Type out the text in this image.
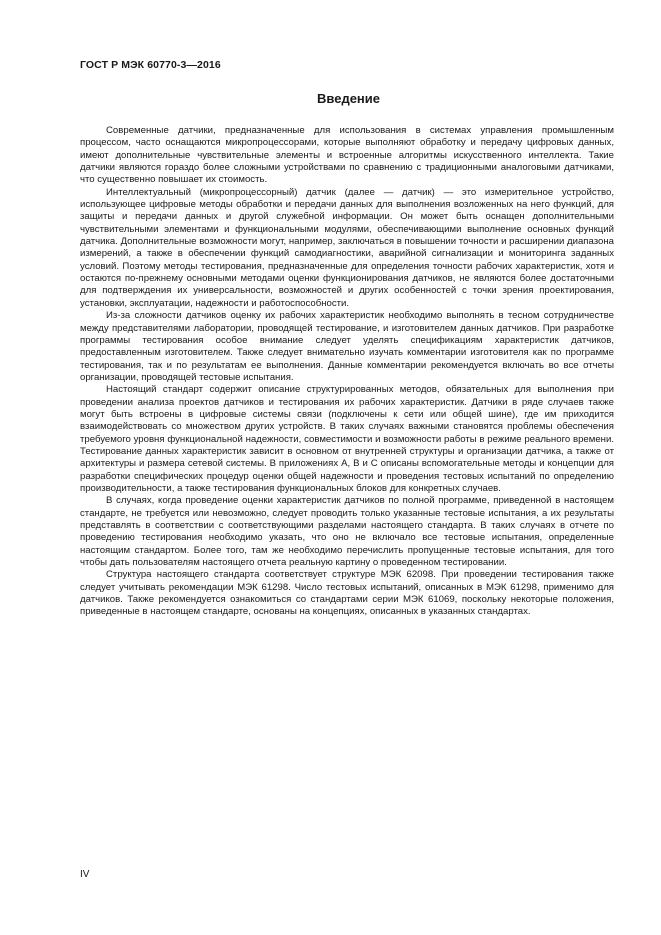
ГОСТ Р МЭК 60770-3—2016
Введение

Современные датчики, предназначенные для использования в системах управления промышленным процессом, часто оснащаются микропроцессорами, которые выполняют обработку и передачу цифровых данных, имеют дополнительные чувствительные элементы и встроенные алгоритмы искусственного интеллекта. Такие датчики являются гораздо более сложными устройствами по сравнению с традиционными аналоговыми датчиками, что существенно повышает их стоимость.

Интеллектуальный (микропроцессорный) датчик (далее — датчик) — это измерительное устройство, использующее цифровые методы обработки и передачи данных для выполнения возложенных на него функций, для защиты и передачи данных и другой служебной информации. Он может быть оснащен дополнительными чувствительными элементами и функциональными модулями, обеспечивающими выполнение основных функций датчика. Дополнительные возможности могут, например, заключаться в повышении точности и расширении диапазона измерений, а также в обеспечении функций самодиагностики, аварийной сигнализации и мониторинга заданных условий. Поэтому методы тестирования, предназначенные для определения точности рабочих характеристик, хотя и остаются по-прежнему основными методами оценки функционирования датчиков, не являются более достаточными для подтверждения их универсальности, возможностей и других особенностей с точки зрения проектирования, установки, эксплуатации, надежности и работоспособности.

Из-за сложности датчиков оценку их рабочих характеристик необходимо выполнять в тесном сотрудничестве между представителями лаборатории, проводящей тестирование, и изготовителем данных датчиков. При разработке программы тестирования особое внимание следует уделять спецификациям характеристик датчиков, предоставленным изготовителем. Также следует внимательно изучать комментарии изготовителя как по программе тестирования, так и по результатам ее выполнения. Данные комментарии рекомендуется включать во все отчеты организации, проводящей тестовые испытания.

Настоящий стандарт содержит описание структурированных методов, обязательных для выполнения при проведении анализа проектов датчиков и тестирования их рабочих характеристик. Датчики в ряде случаев также могут быть встроены в цифровые системы связи (подключены к сети или общей шине), где им приходится взаимодействовать со множеством других устройств. В таких случаях важными становятся проблемы обеспечения требуемого уровня функциональной надежности, совместимости и возможности работы в режиме реального времени. Тестирование данных характеристик зависит в основном от внутренней структуры и организации датчика, а также от архитектуры и размера сетевой системы. В приложениях А, В и С описаны вспомогательные методы и концепции для разработки специфических процедур оценки общей надежности и проведения тестовых испытаний по определению производительности, а также тестирования функциональных блоков для конкретных случаев.

В случаях, когда проведение оценки характеристик датчиков по полной программе, приведенной в настоящем стандарте, не требуется или невозможно, следует проводить только указанные тестовые испытания, а их результаты представлять в соответствии с соответствующими разделами настоящего стандарта. В таких случаях в отчете по проведению тестирования необходимо указать, что оно не включало все тестовые испытания, определенные настоящим стандартом. Более того, там же необходимо перечислить пропущенные тестовые испытания, для того чтобы дать пользователям настоящего отчета реальную картину о проведенном тестировании.

Структура настоящего стандарта соответствует структуре МЭК 62098. При проведении тестирования также следует учитывать рекомендации МЭК 61298. Число тестовых испытаний, описанных в МЭК 61298, применимо для датчиков. Также рекомендуется ознакомиться со стандартами серии МЭК 61069, поскольку некоторые положения, приведенные в настоящем стандарте, основаны на концепциях, описанных в указанных стандартах.

IV
